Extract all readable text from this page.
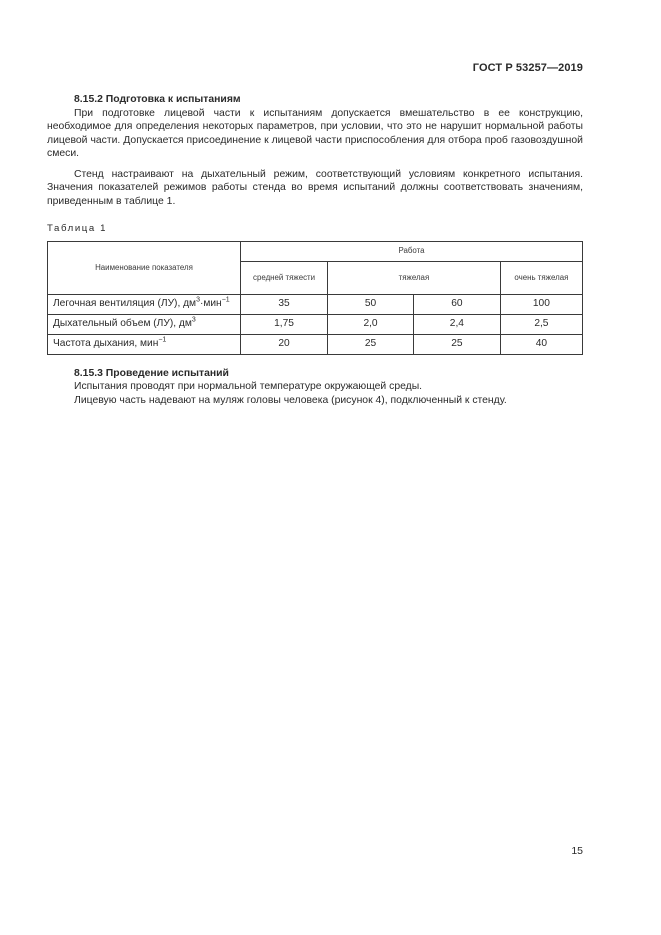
ГОСТ Р 53257—2019

8.15.2 Подготовка к испытаниям

При подготовке лицевой части к испытаниям допускается вмешательство в ее конструкцию, необходимое для определения некоторых параметров, при условии, что это не нарушит нормальной работы лицевой части. Допускается присоединение к лицевой части приспособления для отбора проб газовоздушной смеси.

Стенд настраивают на дыхательный режим, соответствующий условиям конкретного испытания. Значения показателей режимов работы стенда во время испытаний должны соответствовать значениям, приведенным в таблице 1.

Таблица 1
Наименование показателя	Работа			
	средней тяжести	тяжелая		очень тяжелая
Легочная вентиляция (ЛУ), $дм^3\cdot мин^{-1}$	35	50	60	100
Дыхательный объем (ЛУ), $дм^3$	1,75	2,0	2,4	2,5
Частота дыхания, мин$^{-1}$	20	25	25	40

8.15.3 Проведение испытаний

Испытания проводят при нормальной температуре окружающей среды.

Лицевую часть надевают на муляж головы человека (рисунок 4), подключенный к стенду.

15
